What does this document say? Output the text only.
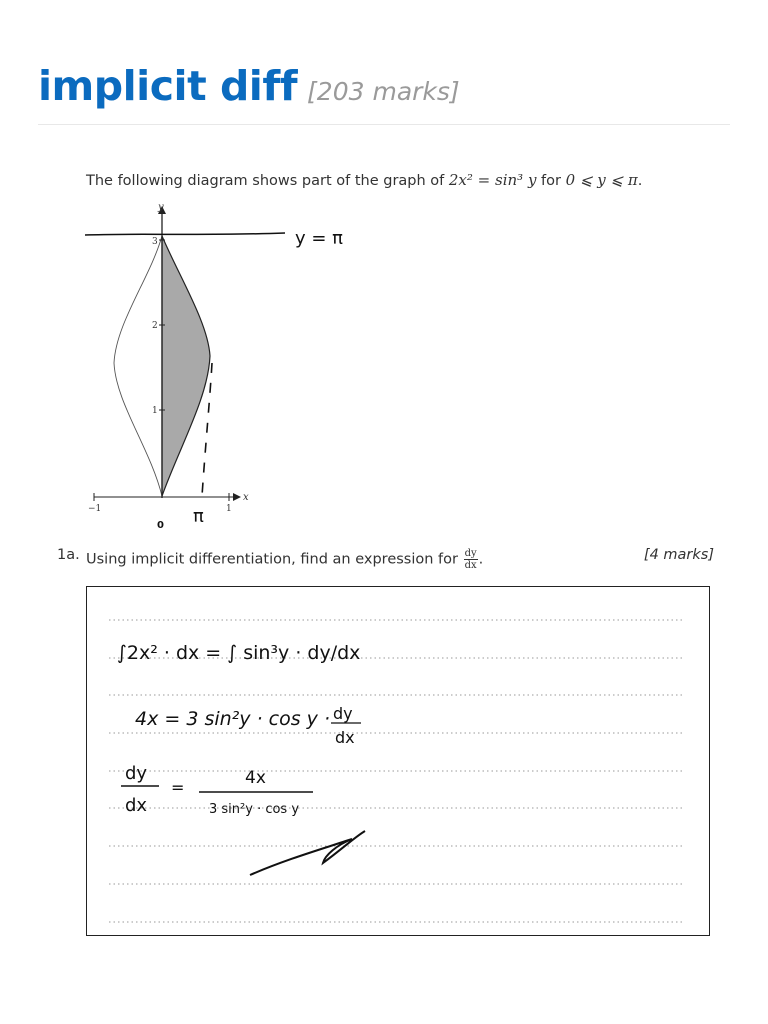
implicit diff [203 marks]
The following diagram shows part of the graph of 2x² = sin³ y for 0 ⩽ y ⩽ π.
y
x
−1	1
1
2
3	y = π
π
0
1a. Using implicit differentiation, find an expression for $\frac{dy}{dx}$ .	[4 marks]
∫2x² · dx = ∫ sin³y · dy/dx
4x = 3 sin²y · cos y · dy
dx
dy
dx
=	4x
3 sin²y · cos y
